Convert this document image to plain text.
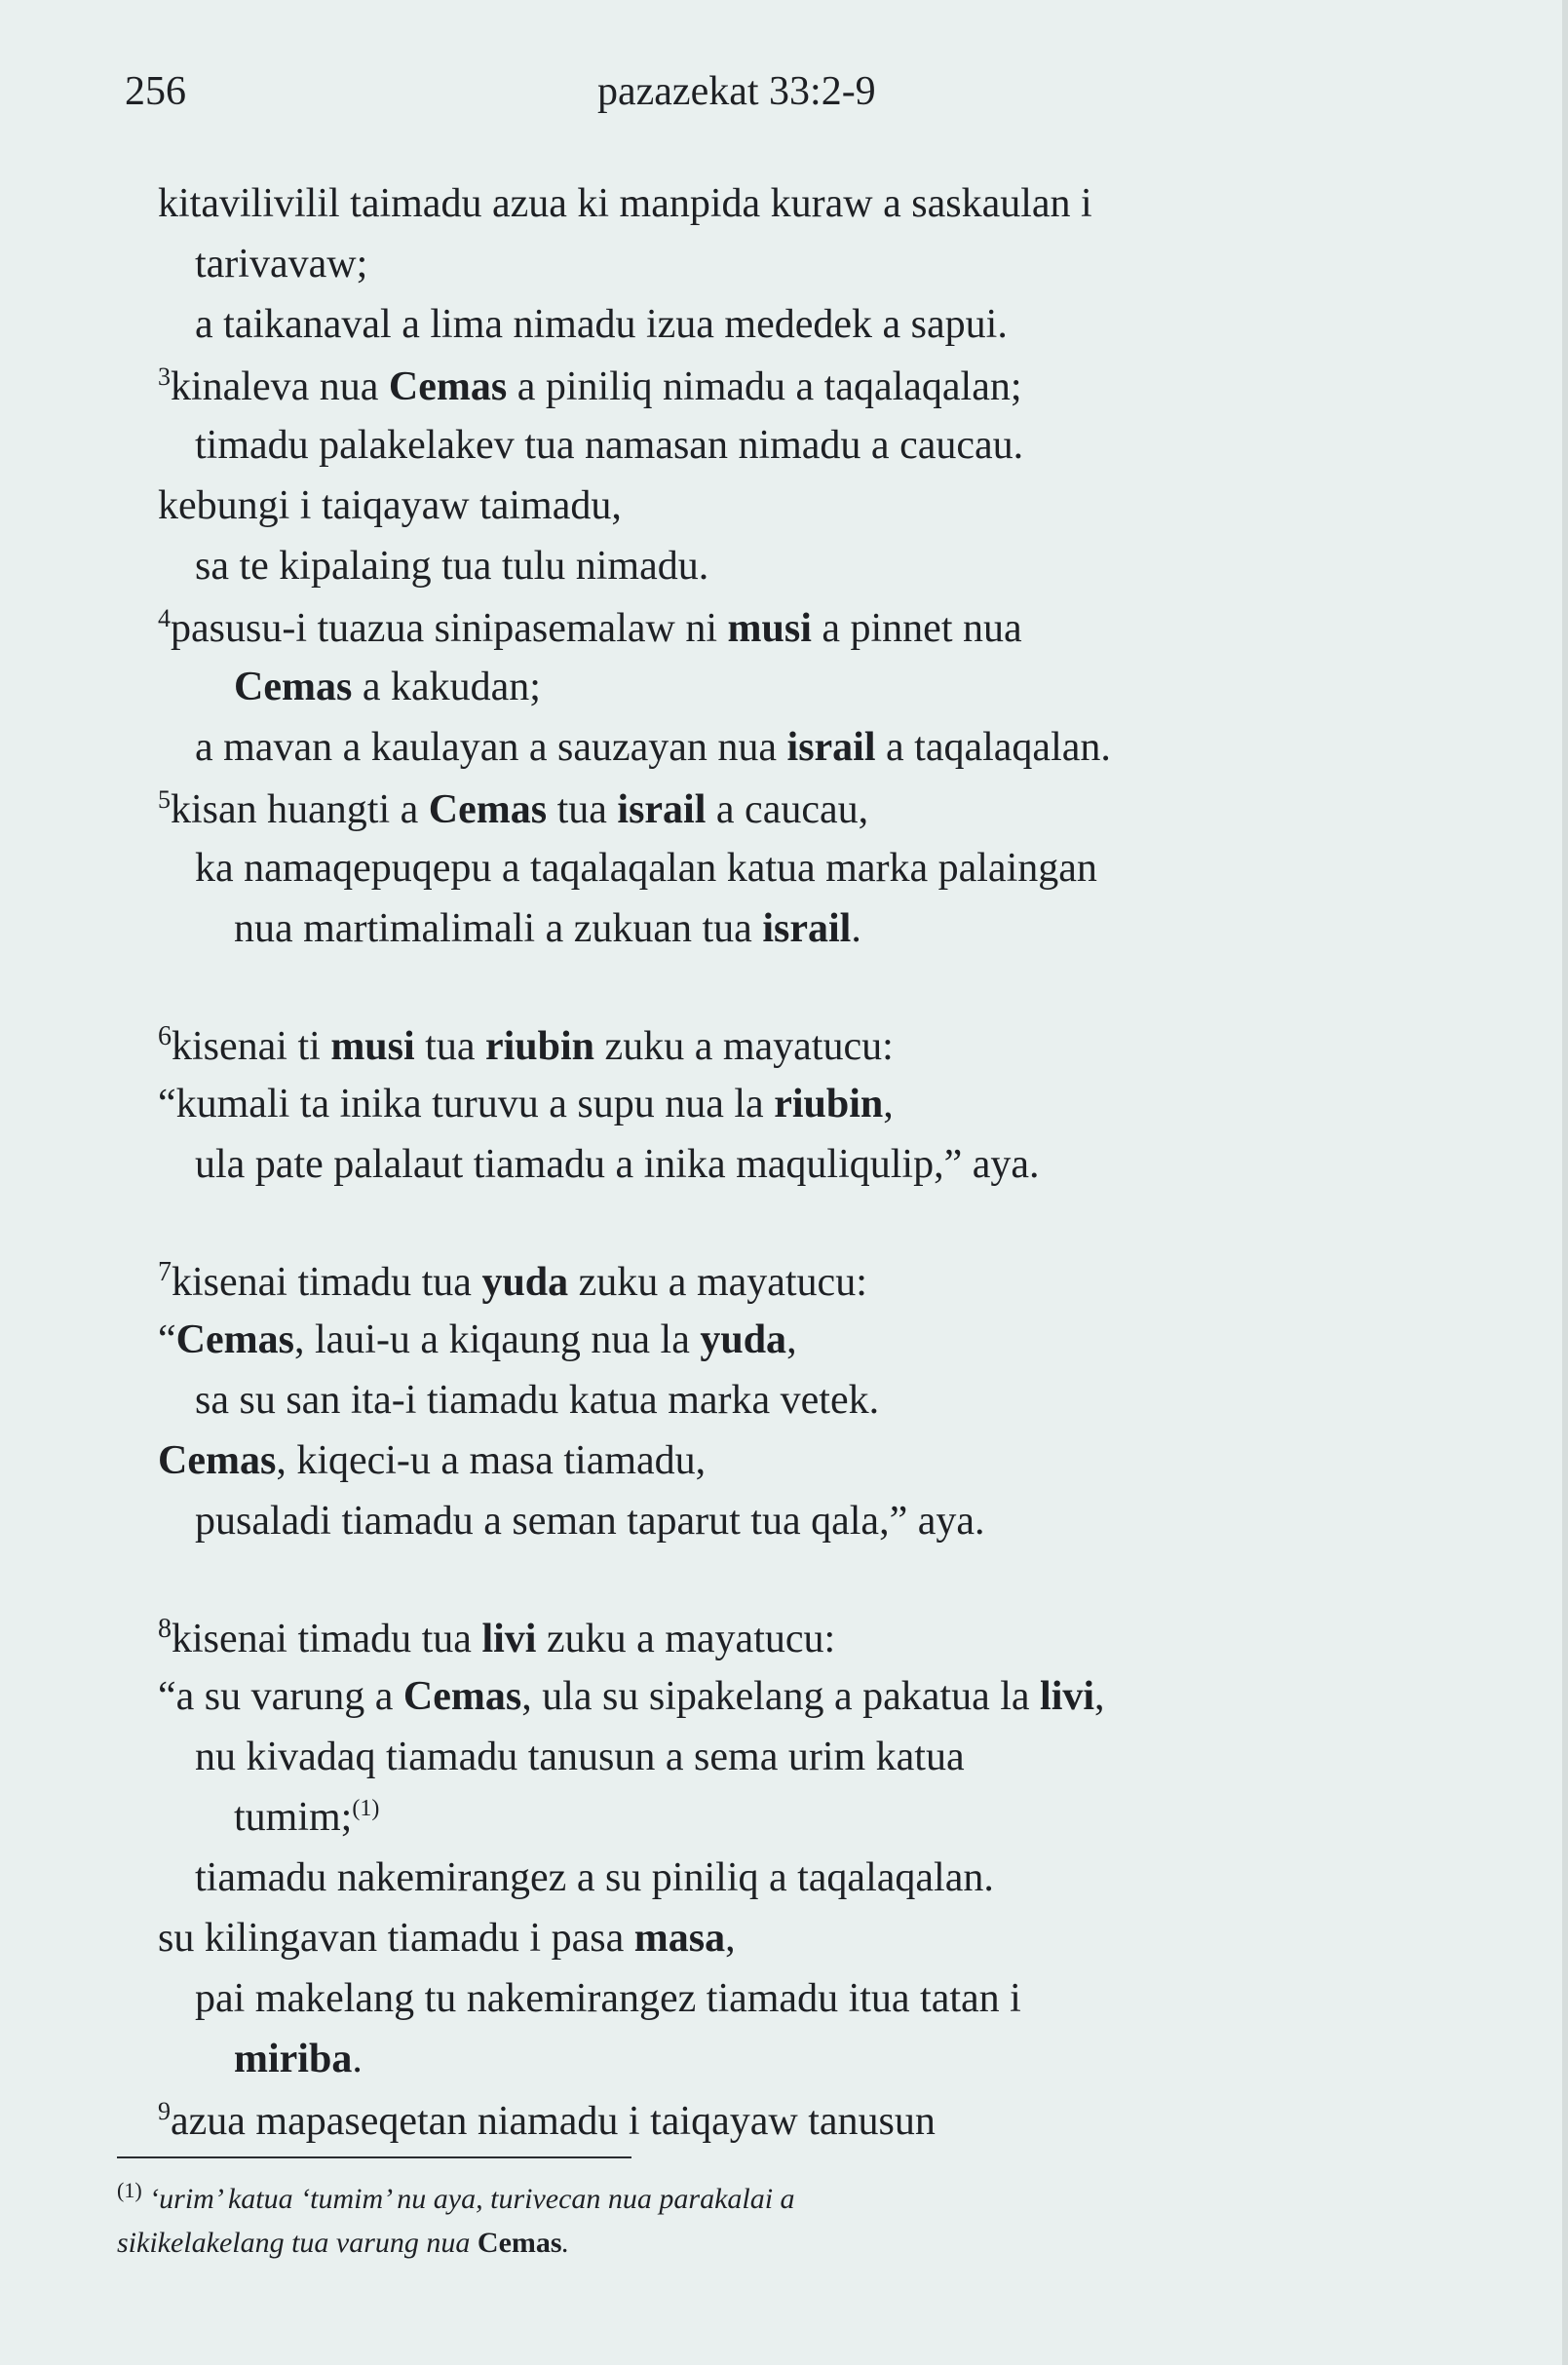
256	pazazekat 33:2-9
kitavilivilil taimadu azua ki manpida kuraw a saskaulan i
tarivavaw;
a taikanaval a lima nimadu izua mededek a sapui.
$^3$kinaleva nua Cemas a piniliq nimadu a taqalaqalan;
timadu palakelakev tua namasan nimadu a caucau.
kebungi i taiqayaw taimadu,
sa te kipalaing tua tulu nimadu.
$^4$pasusu-i tuazua sinipasemalaw ni musi a pinnet nua
Cemas a kakudan;
a mavan a kaulayan a sauzayan nua israil a taqalaqalan.
$^5$kisan huangti a Cemas tua israil a caucau,
ka namaqepuqepu a taqalaqalan katua marka palaingan
nua martimalimali a zukuan tua israil.
$^6$kisenai ti musi tua riubin zuku a mayatucu:
“kumali ta inika turuvu a supu nua la riubin,
ula pate palalaut tiamadu a inika maquliqulip,” aya.
$^7$kisenai timadu tua yuda zuku a mayatucu:
“Cemas, laui-u a kiqaung nua la yuda,
sa su san ita-i tiamadu katua marka vetek.
Cemas, kiqeci-u a masa tiamadu,
pusaladi tiamadu a seman taparut tua qala,” aya.
$^8$kisenai timadu tua livi zuku a mayatucu:
“a su varung a Cemas, ula su sipakelang a pakatua la livi,
nu kivadaq tiamadu tanusun a sema urim katua
tumim;$^{(1)}$
tiamadu nakemirangez a su piniliq a taqalaqalan.
su kilingavan tiamadu i pasa masa,
pai makelang tu nakemirangez tiamadu itua tatan i
miriba.
$^9$azua mapaseqetan niamadu i taiqayaw tanusun
$^{(1)}$ ‘urim’ katua ‘tumim’ nu aya, turivecan nua parakalai a
sikikelakelang tua varung nua Cemas.
